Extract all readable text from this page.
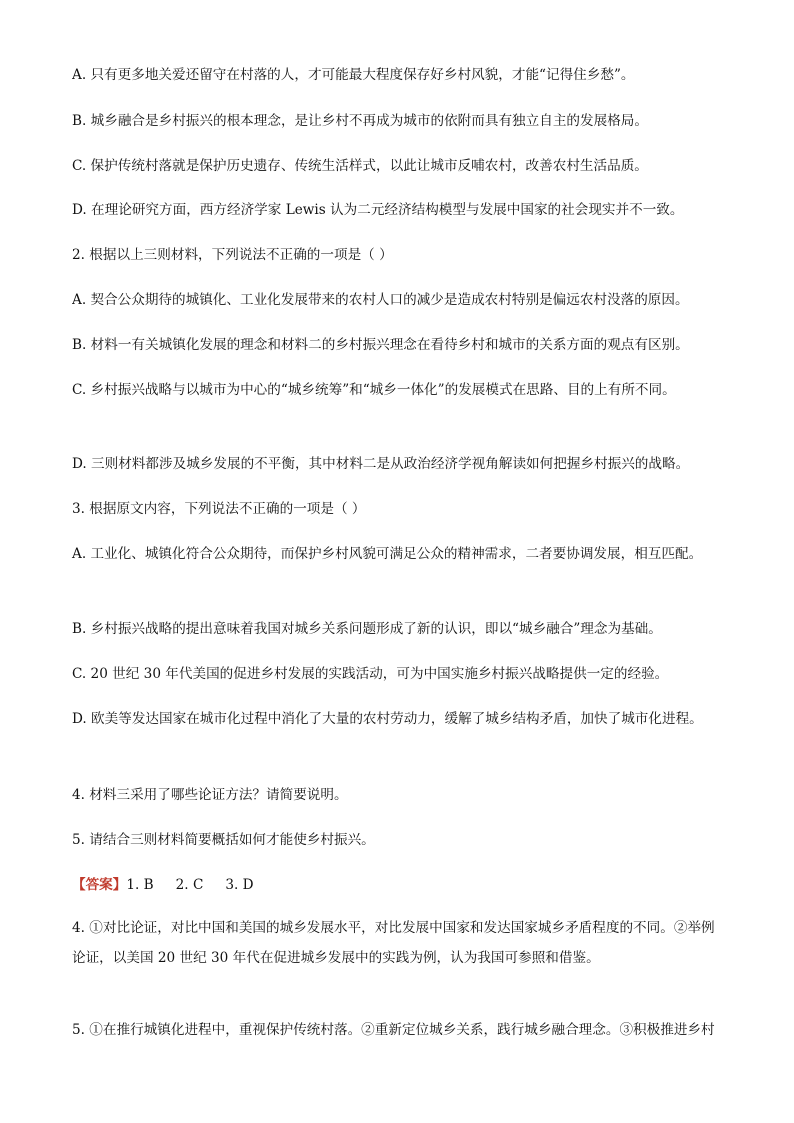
A. 只有更多地关爱还留守在村落的人，才可能最大程度保存好乡村风貌，才能“记得住乡愁”。
B. 城乡融合是乡村振兴的根本理念，是让乡村不再成为城市的依附而具有独立自主的发展格局。
C. 保护传统村落就是保护历史遗存、传统生活样式，以此让城市反哺农村，改善农村生活品质。
D. 在理论研究方面，西方经济学家 Lewis 认为二元经济结构模型与发展中国家的社会现实并不一致。
2. 根据以上三则材料，下列说法不正确的一项是（ ）
A. 契合公众期待的城镇化、工业化发展带来的农村人口的减少是造成农村特别是偏远农村没落的原因。
B. 材料一有关城镇化发展的理念和材料二的乡村振兴理念在看待乡村和城市的关系方面的观点有区别。
C. 乡村振兴战略与以城市为中心的“城乡统筹”和“城乡一体化”的发展模式在思路、目的上有所不同。
D. 三则材料都涉及城乡发展的不平衡，其中材料二是从政治经济学视角解读如何把握乡村振兴的战略。
3. 根据原文内容，下列说法不正确的一项是（ ）
A. 工业化、城镇化符合公众期待，而保护乡村风貌可满足公众的精神需求，二者要协调发展，相互匹配。
B. 乡村振兴战略的提出意味着我国对城乡关系问题形成了新的认识，即以“城乡融合”理念为基础。
C. 20 世纪 30 年代美国的促进乡村发展的实践活动，可为中国实施乡村振兴战略提供一定的经验。
D. 欧美等发达国家在城市化过程中消化了大量的农村劳动力，缓解了城乡结构矛盾，加快了城市化进程。
4. 材料三采用了哪些论证方法？请简要说明。
5. 请结合三则材料简要概括如何才能使乡村振兴。
【答案】1. B 2. C 3. D
4. ①对比论证，对比中国和美国的城乡发展水平，对比发展中国家和发达国家城乡矛盾程度的不同。②举例论证，以美国 20 世纪 30 年代在促进城乡发展中的实践为例，认为我国可参照和借鉴。
5. ①在推行城镇化进程中，重视保护传统村落。②重新定位城乡关系，践行城乡融合理念。③积极推进乡村
